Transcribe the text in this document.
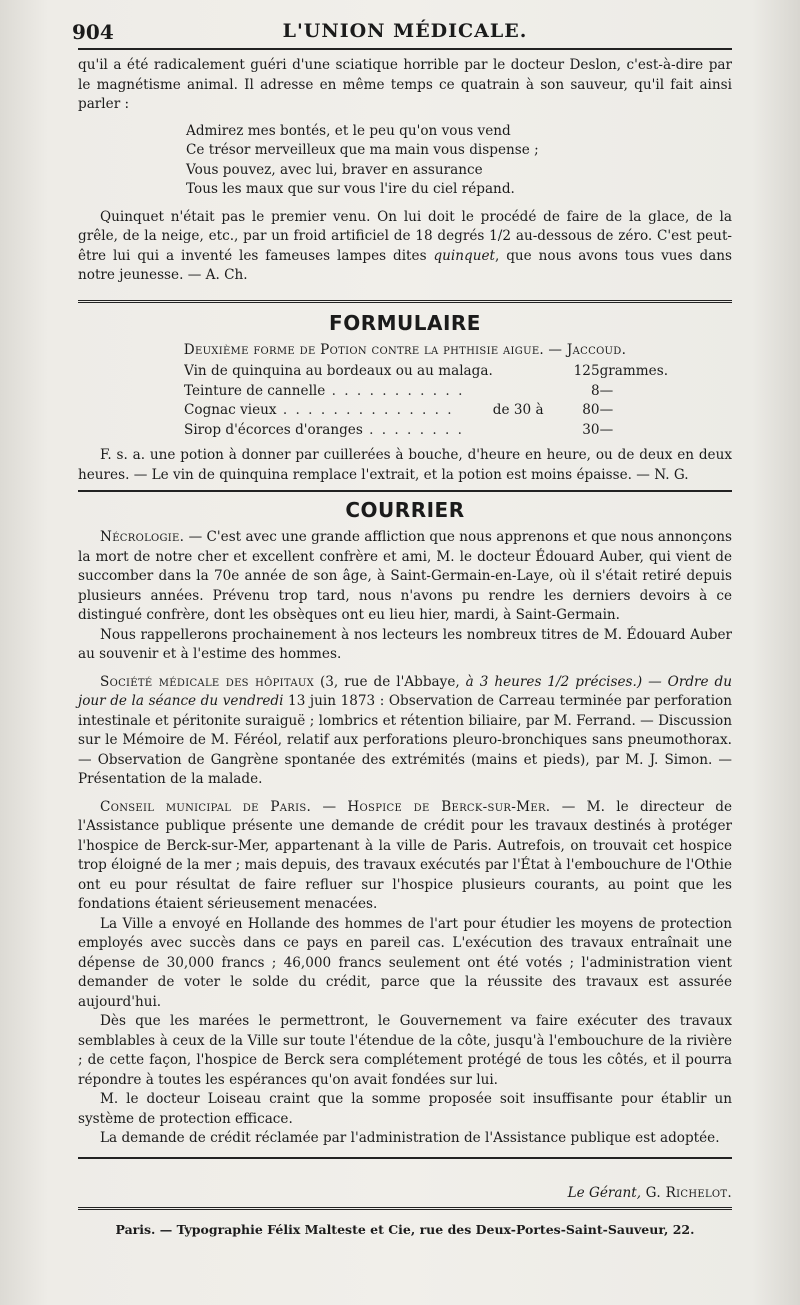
904	L'UNION MÉDICALE.

qu'il a été radicalement guéri d'une sciatique horrible par le docteur Deslon, c'est-à-dire par le magnétisme animal. Il adresse en même temps ce quatrain à son sauveur, qu'il fait ainsi parler :

Admirez mes bontés, et le peu qu'on vous vend
Ce trésor merveilleux que ma main vous dispense ;
Vous pouvez, avec lui, braver en assurance
Tous les maux que sur vous l'ire du ciel répand.

Quinquet n'était pas le premier venu. On lui doit le procédé de faire de la glace, de la grêle, de la neige, etc., par un froid artificiel de 18 degrés 1/2 au-dessous de zéro. C'est peut-être lui qui a inventé les fameuses lampes dites quinquet, que nous avons tous vues dans notre jeunesse. — A. Ch.

FORMULAIRE
Deuxième forme de Potion contre la phthisie aigue. — Jaccoud.
Vin de quinquina au bordeaux ou au malaga.		125	grammes.
Teinture de cannelle . . . . . . . . . . .		8	—
Cognac vieux . . . . . . . . . . . . . .	de 30 à	80	—
Sirop d'écorces d'oranges . . . . . . . .		30	—

F. s. a. une potion à donner par cuillerées à bouche, d'heure en heure, ou de deux en deux heures. — Le vin de quinquina remplace l'extrait, et la potion est moins épaisse. — N. G.

COURRIER

Nécrologie. — C'est avec une grande affliction que nous apprenons et que nous annonçons la mort de notre cher et excellent confrère et ami, M. le docteur Édouard Auber, qui vient de succomber dans la 70e année de son âge, à Saint-Germain-en-Laye, où il s'était retiré depuis plusieurs années. Prévenu trop tard, nous n'avons pu rendre les derniers devoirs à ce distingué confrère, dont les obsèques ont eu lieu hier, mardi, à Saint-Germain.

Nous rappellerons prochainement à nos lecteurs les nombreux titres de M. Édouard Auber au souvenir et à l'estime des hommes.

Société médicale des hôpitaux (3, rue de l'Abbaye, à 3 heures 1/2 précises.) — Ordre du jour de la séance du vendredi 13 juin 1873 : Observation de Carreau terminée par perforation intestinale et péritonite suraiguë ; lombrics et rétention biliaire, par M. Ferrand. — Discussion sur le Mémoire de M. Féréol, relatif aux perforations pleuro-bronchiques sans pneumothorax. — Observation de Gangrène spontanée des extrémités (mains et pieds), par M. J. Simon. — Présentation de la malade.

Conseil municipal de Paris. — Hospice de Berck-sur-Mer. — M. le directeur de l'Assistance publique présente une demande de crédit pour les travaux destinés à protéger l'hospice de Berck-sur-Mer, appartenant à la ville de Paris. Autrefois, on trouvait cet hospice trop éloigné de la mer ; mais depuis, des travaux exécutés par l'État à l'embouchure de l'Othie ont eu pour résultat de faire refluer sur l'hospice plusieurs courants, au point que les fondations étaient sérieusement menacées.

La Ville a envoyé en Hollande des hommes de l'art pour étudier les moyens de protection employés avec succès dans ce pays en pareil cas. L'exécution des travaux entraînait une dépense de 30,000 francs ; 46,000 francs seulement ont été votés ; l'administration vient demander de voter le solde du crédit, parce que la réussite des travaux est assurée aujourd'hui.

Dès que les marées le permettront, le Gouvernement va faire exécuter des travaux semblables à ceux de la Ville sur toute l'étendue de la côte, jusqu'à l'embouchure de la rivière ; de cette façon, l'hospice de Berck sera complétement protégé de tous les côtés, et il pourra répondre à toutes les espérances qu'on avait fondées sur lui.

M. le docteur Loiseau craint que la somme proposée soit insuffisante pour établir un système de protection efficace.

La demande de crédit réclamée par l'administration de l'Assistance publique est adoptée.

Le Gérant, G. Richelot.
Paris. — Typographie Félix Malteste et Cie, rue des Deux-Portes-Saint-Sauveur, 22.
